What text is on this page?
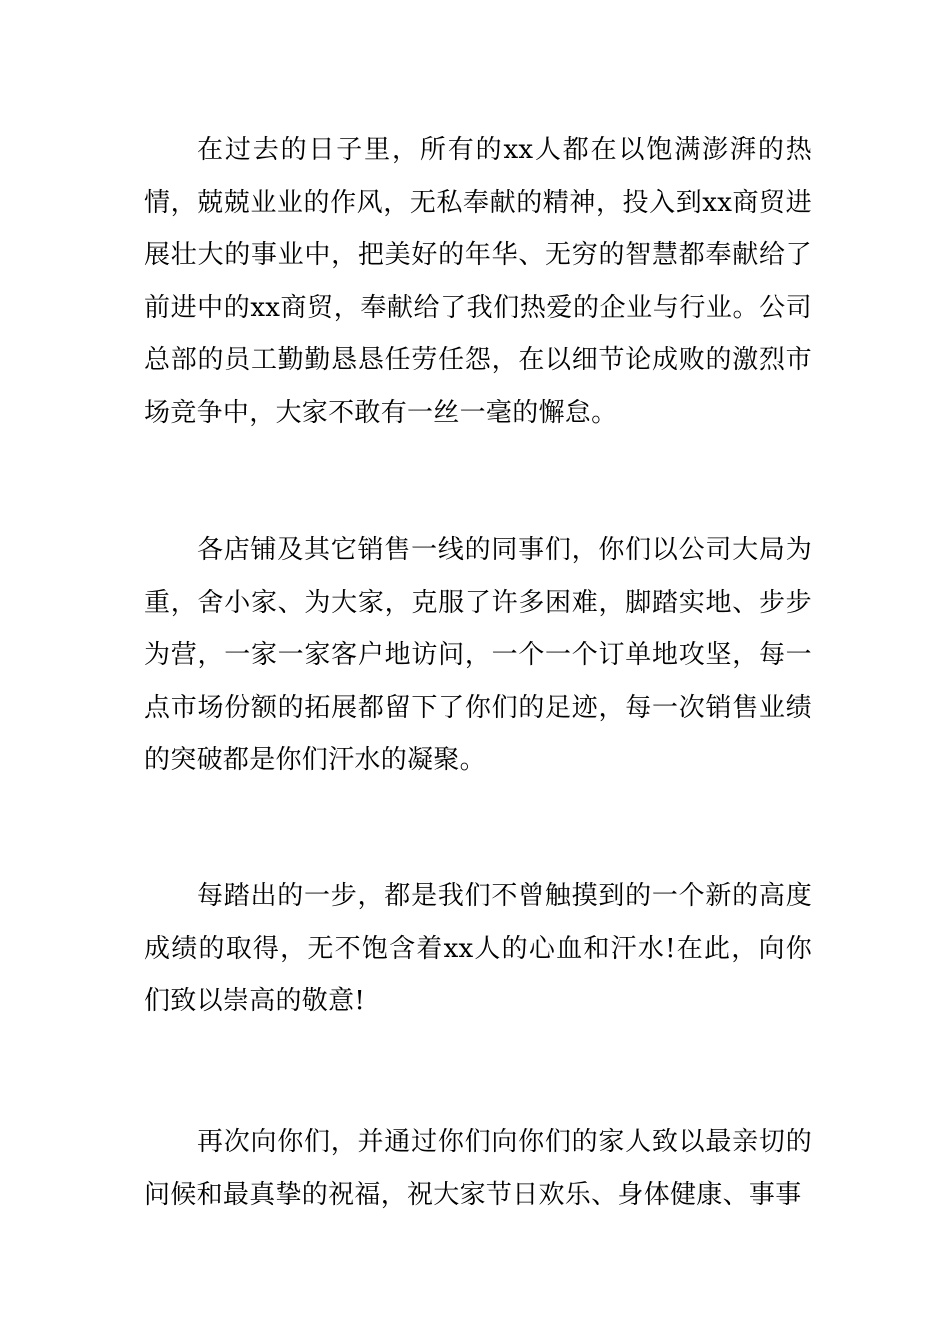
在过去的日子里，所有的xx人都在以饱满澎湃的热情，兢兢业业的作风，无私奉献的精神，投入到xx商贸进展壮大的事业中，把美好的年华、无穷的智慧都奉献给了前进中的xx商贸，奉献给了我们热爱的企业与行业。公司总部的员工勤勤恳恳任劳任怨，在以细节论成败的激烈市场竞争中，大家不敢有一丝一毫的懈怠。

各店铺及其它销售一线的同事们，你们以公司大局为重，舍小家、为大家，克服了许多困难，脚踏实地、步步为营，一家一家客户地访问，一个一个订单地攻坚，每一点市场份额的拓展都留下了你们的足迹，每一次销售业绩的突破都是你们汗水的凝聚。

每踏出的一步，都是我们不曾触摸到的一个新的高度成绩的取得，无不饱含着xx人的心血和汗水!在此，向你们致以崇高的敬意!

再次向你们，并通过你们向你们的家人致以最亲切的问候和最真挚的祝福，祝大家节日欢乐、身体健康、事事
